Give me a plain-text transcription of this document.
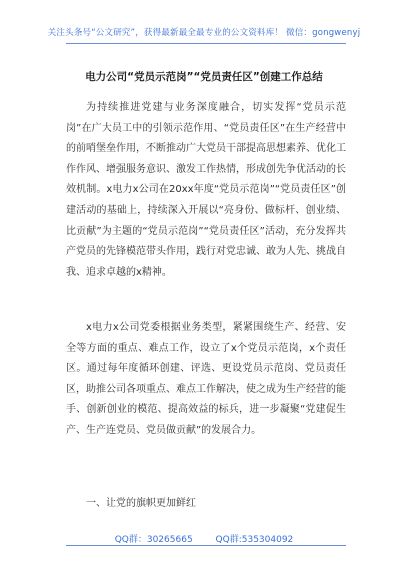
关注头条号“公文研究”，获得最新最全最专业的公文资料库！ 微信：gongwenyj
电力公司“党员示范岗”“党员责任区”创建工作总结

为持续推进党建与业务深度融合，切实发挥“党员示范岗”在广大员工中的引领示范作用、“党员责任区”在生产经营中的前哨堡垒作用，不断推动广大党员干部提高思想素养、优化工作作风、增强服务意识、激发工作热情，形成创先争优活动的长效机制。x电力x公司在20xx年度“党员示范岗”“党员责任区”创建活动的基础上，持续深入开展以“亮身份、做标杆、创业绩、比贡献”为主题的“党员示范岗”“党员责任区”活动，充分发挥共产党员的先锋模范带头作用，践行对党忠诚、敢为人先、挑战自我、追求卓越的x精神。

x电力x公司党委根据业务类型，紧紧围绕生产、经营、安全等方面的重点、难点工作，设立了x个党员示范岗，x个责任区。通过每年度循环创建、评选、更设党员示范岗、党员责任区，助推公司各项重点、难点工作解决，使之成为生产经营的能手、创新创业的模范、提高效益的标兵，进一步凝聚“党建促生产、生产连党员、党员做贡献”的发展合力。

一、让党的旗帜更加鲜红
QQ群：30265665	QQ群:535304092
